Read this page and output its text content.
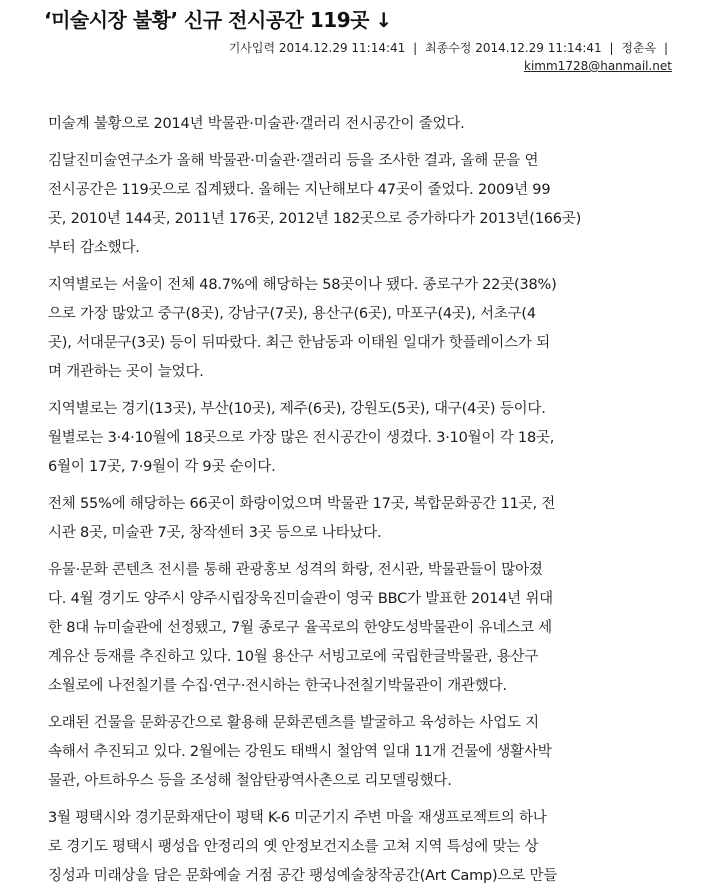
‘미술시장 불황’ 신규 전시공간 119곳 ↓
기사입력 2014.12.29 11:14:41 | 최종수정 2014.12.29 11:14:41 | 정춘옥 |
kimm1728@hanmail.net

미술계 불황으로 2014년 박물관·미술관·갤러리 전시공간이 줄었다.

김달진미술연구소가 올해 박물관·미술관·갤러리 등을 조사한 결과, 올해 문을 연
전시공간은 119곳으로 집계됐다. 올해는 지난해보다 47곳이 줄었다. 2009년 99
곳, 2010년 144곳, 2011년 176곳, 2012년 182곳으로 증가하다가 2013년(166곳)
부터 감소했다.

지역별로는 서울이 전체 48.7%에 해당하는 58곳이나 됐다. 종로구가 22곳(38%)
으로 가장 많았고 중구(8곳), 강남구(7곳), 용산구(6곳), 마포구(4곳), 서초구(4
곳), 서대문구(3곳) 등이 뒤따랐다. 최근 한남동과 이태원 일대가 핫플레이스가 되
며 개관하는 곳이 늘었다.

지역별로는 경기(13곳), 부산(10곳), 제주(6곳), 강원도(5곳), 대구(4곳) 등이다.
월별로는 3·4·10월에 18곳으로 가장 많은 전시공간이 생겼다. 3·10월이 각 18곳,
6월이 17곳, 7·9월이 각 9곳 순이다.

전체 55%에 해당하는 66곳이 화랑이었으며 박물관 17곳, 복합문화공간 11곳, 전
시관 8곳, 미술관 7곳, 창작센터 3곳 등으로 나타났다.

유물·문화 콘텐츠 전시를 통해 관광홍보 성격의 화랑, 전시관, 박물관들이 많아졌
다. 4월 경기도 양주시 양주시립장욱진미술관이 영국 BBC가 발표한 2014년 위대
한 8대 뉴미술관에 선정됐고, 7월 종로구 율곡로의 한양도성박물관이 유네스코 세
계유산 등재를 추진하고 있다. 10월 용산구 서빙고로에 국립한글박물관, 용산구
소월로에 나전칠기를 수집·연구·전시하는 한국나전칠기박물관이 개관했다.

오래된 건물을 문화공간으로 활용해 문화콘텐츠를 발굴하고 육성하는 사업도 지
속해서 추진되고 있다. 2월에는 강원도 태백시 철암역 일대 11개 건물에 생활사박
물관, 아트하우스 등을 조성해 철암탄광역사촌으로 리모델링했다.

3월 평택시와 경기문화재단이 평택 K-6 미군기지 주변 마을 재생프로젝트의 하나
로 경기도 평택시 팽성읍 안정리의 옛 안정보건지소를 고쳐 지역 특성에 맞는 상
징성과 미래상을 담은 문화예술 거점 공간 팽성예술창작공간(Art Camp)으로 만들
